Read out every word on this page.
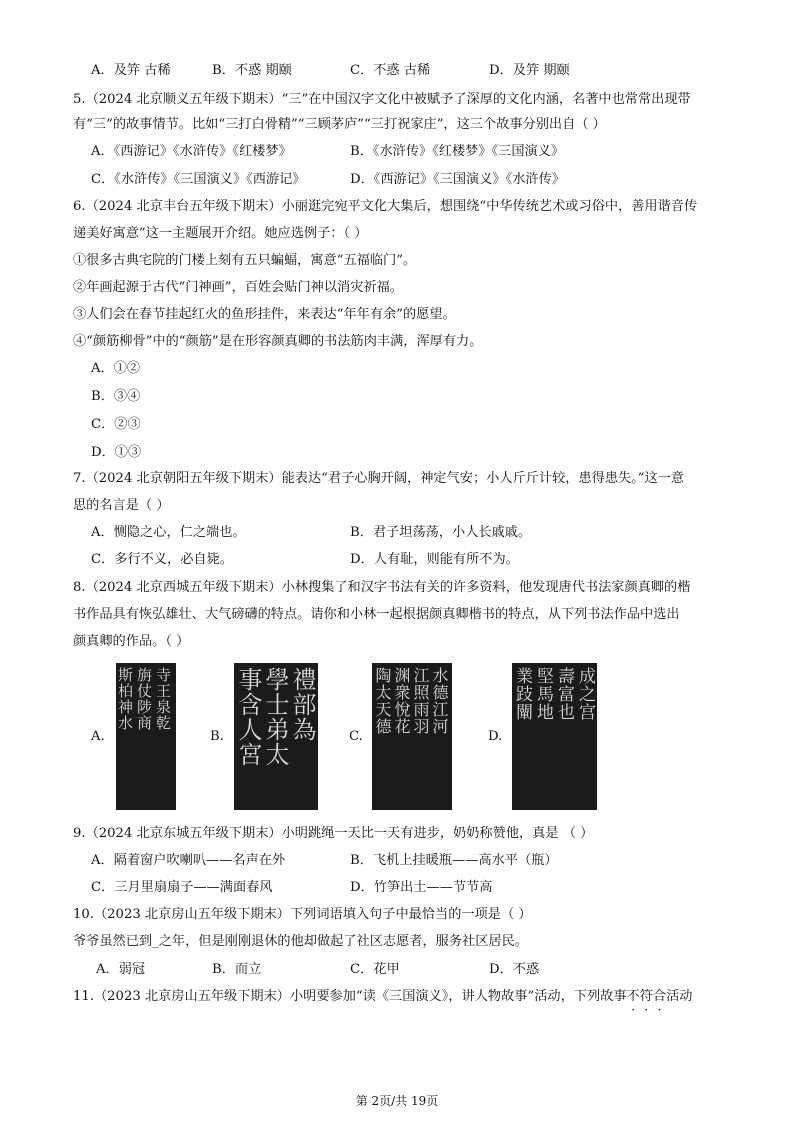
A．及笄 古稀	B．不惑 期颐	C．不惑 古稀	D．及笄 期颐
5.（2024 北京顺义五年级下期末）“三”在中国汉字文化中被赋予了深厚的文化内涵，名著中也常常出现带
有“三”的故事情节。比如“三打白骨精”“三顾茅庐”“三打祝家庄”，这三个故事分别出自（ ）
A．《西游记》《水浒传》《红楼梦》	B．《水浒传》《红楼梦》《三国演义》
C．《水浒传》《三国演义》《西游记》	D．《西游记》《三国演义》《水浒传》
6.（2024 北京丰台五年级下期末）小丽逛完宛平文化大集后，想围绕“中华传统艺术或习俗中，善用谐音传
递美好寓意”这一主题展开介绍。她应选例子：（ ）
①很多古典宅院的门楼上刻有五只蝙蝠，寓意“五福临门”。
②年画起源于古代“门神画”，百姓会贴门神以消灾祈福。
③人们会在春节挂起红火的鱼形挂件，来表达“年年有余”的愿望。
④“颜筋柳骨”中的“颜筋”是在形容颜真卿的书法筋肉丰满，浑厚有力。
A．①②
B．③④
C．②③
D．①③
7.（2024 北京朝阳五年级下期末）能表达“君子心胸开阔，神定气安；小人斤斤计较，患得患失。”这一意
思的名言是（ ）
A．恻隐之心，仁之端也。	B．君子坦荡荡，小人长戚戚。
C．多行不义，必自毙。	D．人有耻，则能有所不为。
8.（2024 北京西城五年级下期末）小林搜集了和汉字书法有关的许多资料，他发现唐代书法家颜真卿的楷
书作品具有恢弘雄壮、大气磅礴的特点。请你和小林一起根据颜真卿楷书的特点，从下列书法作品中选出
颜真卿的作品。（ ）
A.
寺王泉乾
旃仗陟商
斯柏神水
B.	禮部為
學士弟太
事含人宮	C.
水德江河
江照雨羽
渊衆悅花
陶太天德
D.
成之宫
壽富也
堅馬地
業跂闡
9.（2024 北京东城五年级下期末）小明跳绳一天比一天有进步，奶奶称赞他，真是 （ ）
A．隔着窗户吹喇叭——名声在外	B．飞机上挂暖瓶——高水平（瓶）
C．三月里扇扇子——满面春风	D．竹笋出土——节节高
10.（2023 北京房山五年级下期末）下列词语填入句子中最恰当的一项是（ ）
爷爷虽然已到_之年，但是刚刚退休的他却做起了社区志愿者，服务社区居民。
A．弱冠	B．而立	C．花甲	D．不惑
11.（2023 北京房山五年级下期末）小明要参加“读《三国演义》，讲人物故事”活动，下列故事不符合活动
第 2页/共 19页
